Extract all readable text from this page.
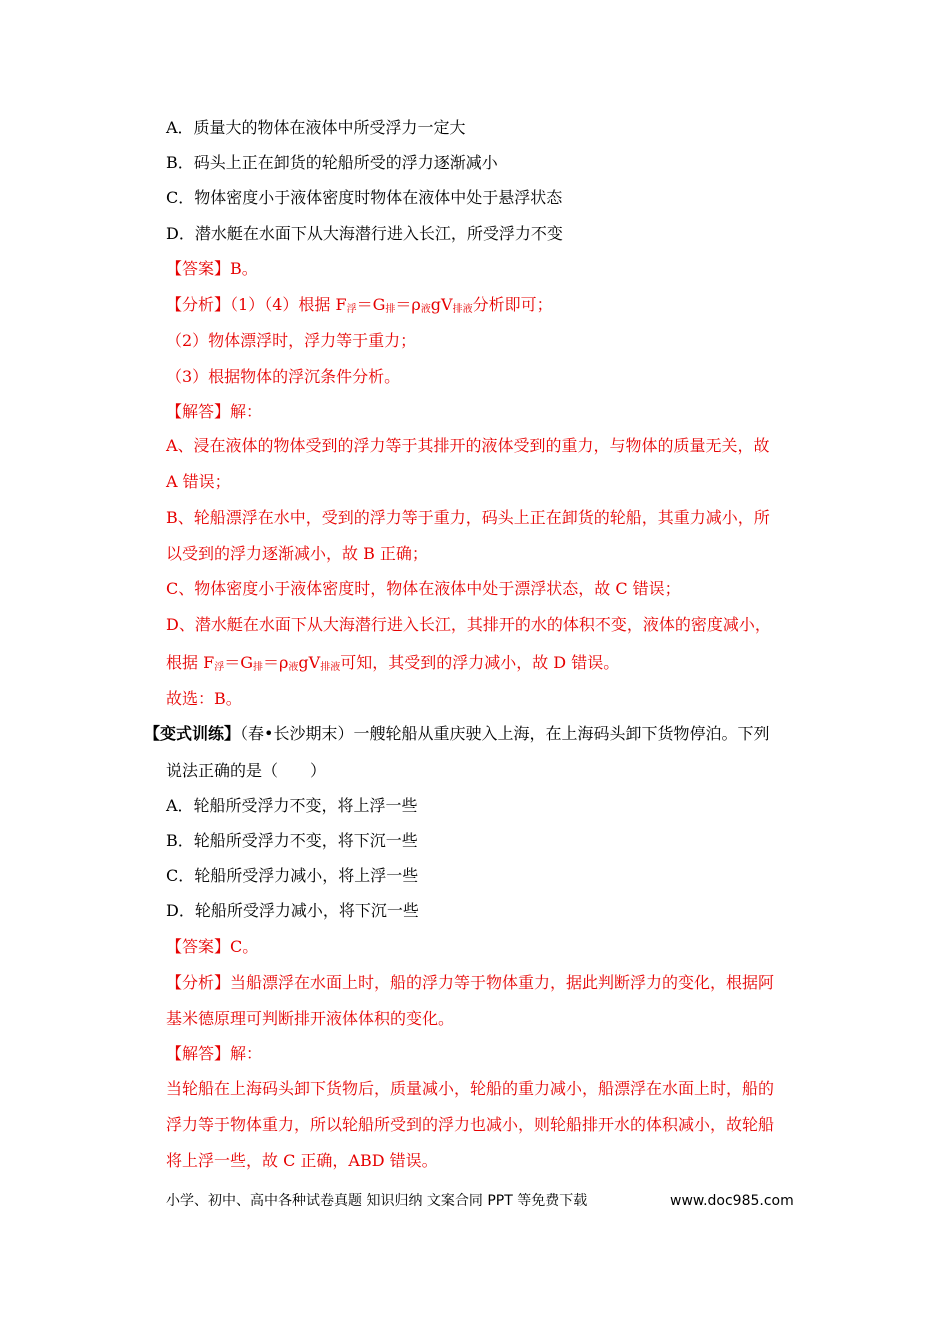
A．质量大的物体在液体中所受浮力一定大
B．码头上正在卸货的轮船所受的浮力逐渐减小
C．物体密度小于液体密度时物体在液体中处于悬浮状态
D．潜水艇在水面下从大海潜行进入长江，所受浮力不变
【答案】B。
【分析】（1）（4）根据 $F_浮=G_排=\rho_液gV_{排液}$分析即可；
（2）物体漂浮时，浮力等于重力；
（3）根据物体的浮沉条件分析。
【解答】解：
A、浸在液体的物体受到的浮力等于其排开的液体受到的重力，与物体的质量无关，故
A 错误；
B、轮船漂浮在水中，受到的浮力等于重力，码头上正在卸货的轮船，其重力减小，所
以受到的浮力逐渐减小，故 B 正确；
C、物体密度小于液体密度时，物体在液体中处于漂浮状态，故 C 错误；
D、潜水艇在水面下从大海潜行进入长江，其排开的水的体积不变，液体的密度减小，
根据 $F_浮=G_排=\rho_液gV_{排液}$可知，其受到的浮力减小，故 D 错误。
故选：B。
【变式训练】（春•长沙期末）一艘轮船从重庆驶入上海，在上海码头卸下货物停泊。下列
说法正确的是（　　）
A．轮船所受浮力不变，将上浮一些
B．轮船所受浮力不变，将下沉一些
C．轮船所受浮力减小，将上浮一些
D．轮船所受浮力减小，将下沉一些
【答案】C。
【分析】当船漂浮在水面上时，船的浮力等于物体重力，据此判断浮力的变化，根据阿
基米德原理可判断排开液体体积的变化。
【解答】解：
当轮船在上海码头卸下货物后，质量减小，轮船的重力减小，船漂浮在水面上时，船的
浮力等于物体重力，所以轮船所受到的浮力也减小，则轮船排开水的体积减小，故轮船
将上浮一些，故 C 正确，ABD 错误。
小学、初中、高中各种试卷真题 知识归纳 文案合同 PPT 等免费下载	www.doc985.com
